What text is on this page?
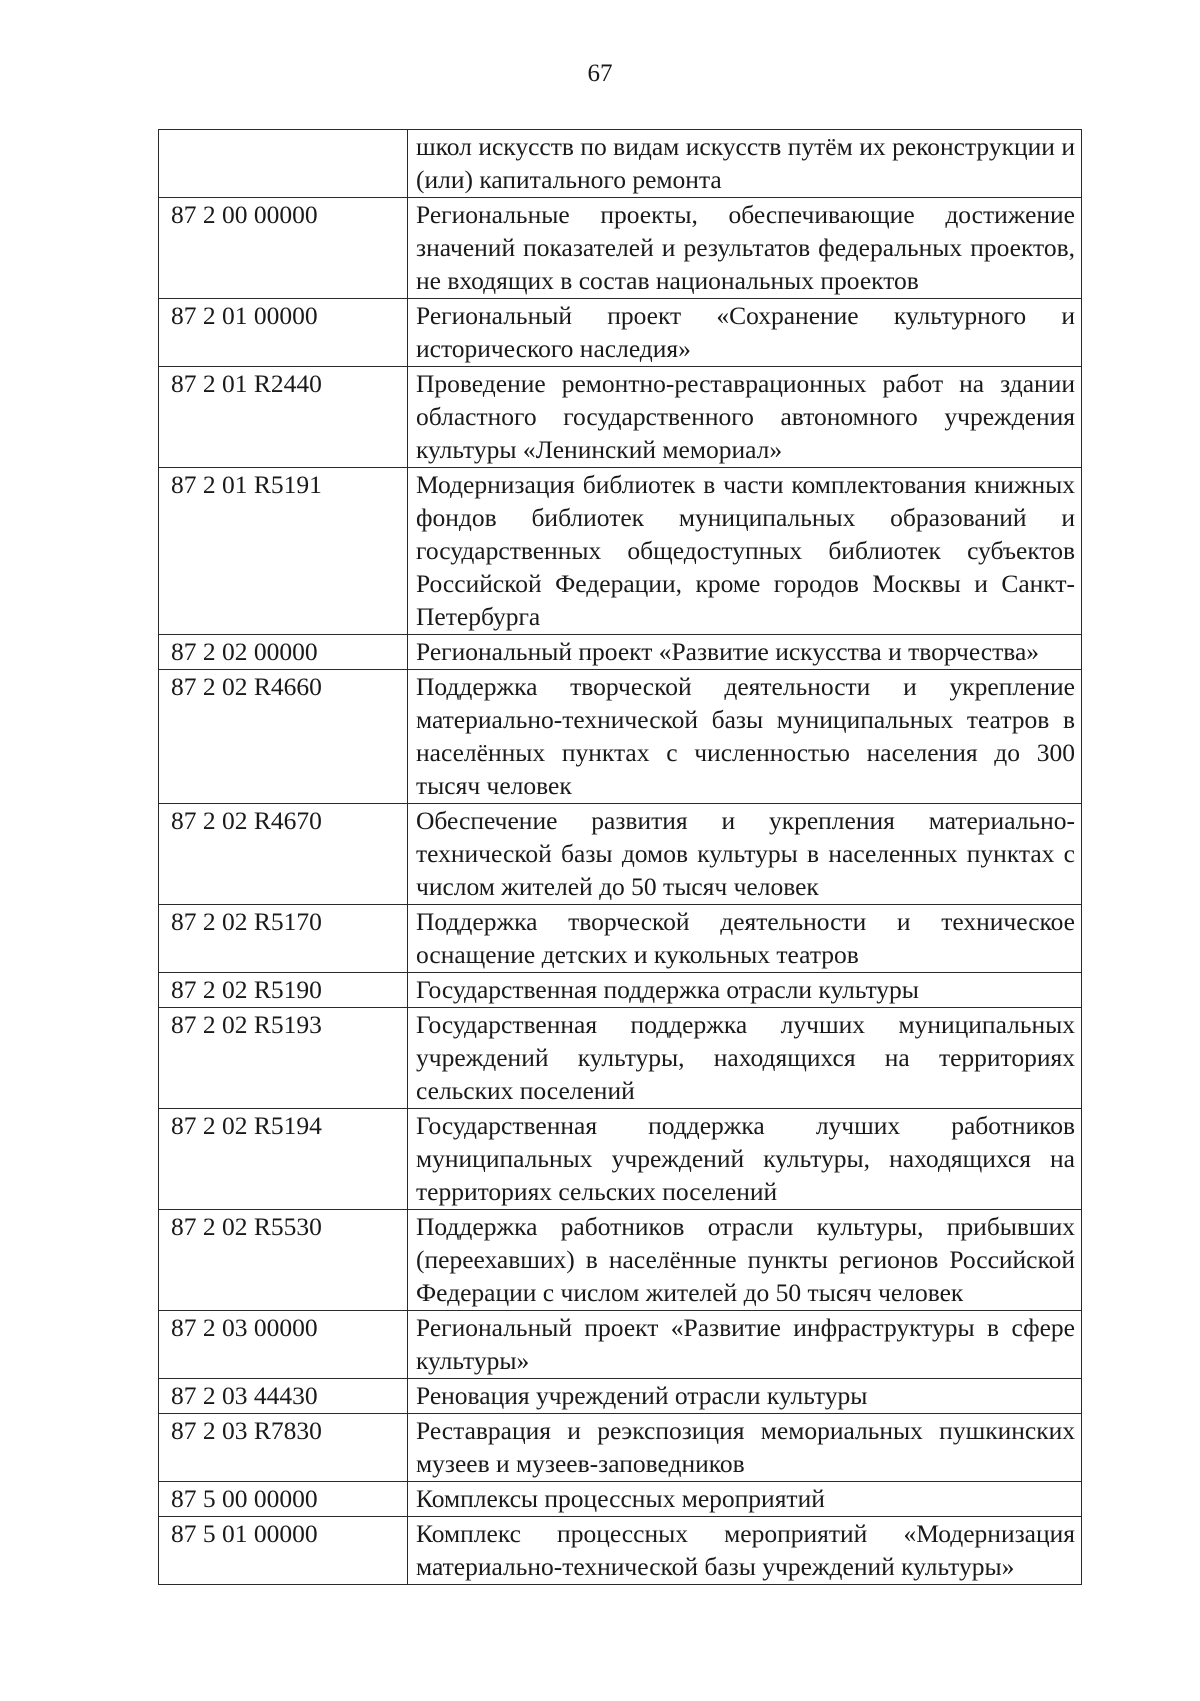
67
	школ искусств по видам искусств путём их реконструкции и (или) капитального ремонта
87 2 00 00000	Региональные проекты, обеспечивающие достижение значений показателей и результатов федеральных проектов, не входящих в состав национальных проектов
87 2 01 00000	Региональный проект «Сохранение культурного и исторического наследия»
87 2 01 R2440	Проведение ремонтно-реставрационных работ на здании областного государственного автономного учреждения культуры «Ленинский мемориал»
87 2 01 R5191	Модернизация библиотек в части комплектования книжных фондов библиотек муниципальных образований и государственных общедоступных библиотек субъектов Российской Федерации, кроме городов Москвы и Санкт-Петербурга
87 2 02 00000	Региональный проект «Развитие искусства и творчества»
87 2 02 R4660	Поддержка творческой деятельности и укрепление материально-технической базы муниципальных театров в населённых пунктах с численностью населения до 300 тысяч человек
87 2 02 R4670	Обеспечение развития и укрепления материально-технической базы домов культуры в населенных пунктах с числом жителей до 50 тысяч человек
87 2 02 R5170	Поддержка творческой деятельности и техническое оснащение детских и кукольных театров
87 2 02 R5190	Государственная поддержка отрасли культуры
87 2 02 R5193	Государственная поддержка лучших муниципальных учреждений культуры, находящихся на территориях сельских поселений
87 2 02 R5194	Государственная поддержка лучших работников муниципальных учреждений культуры, находящихся на территориях сельских поселений
87 2 02 R5530	Поддержка работников отрасли культуры, прибывших (переехавших) в населённые пункты регионов Российской Федерации с числом жителей до 50 тысяч человек
87 2 03 00000	Региональный проект «Развитие инфраструктуры в сфере культуры»
87 2 03 44430	Реновация учреждений отрасли культуры
87 2 03 R7830	Реставрация и реэкспозиция мемориальных пушкинских музеев и музеев-заповедников
87 5 00 00000	Комплексы процессных мероприятий
87 5 01 00000	Комплекс процессных мероприятий «Модернизация материально-технической базы учреждений культуры»
